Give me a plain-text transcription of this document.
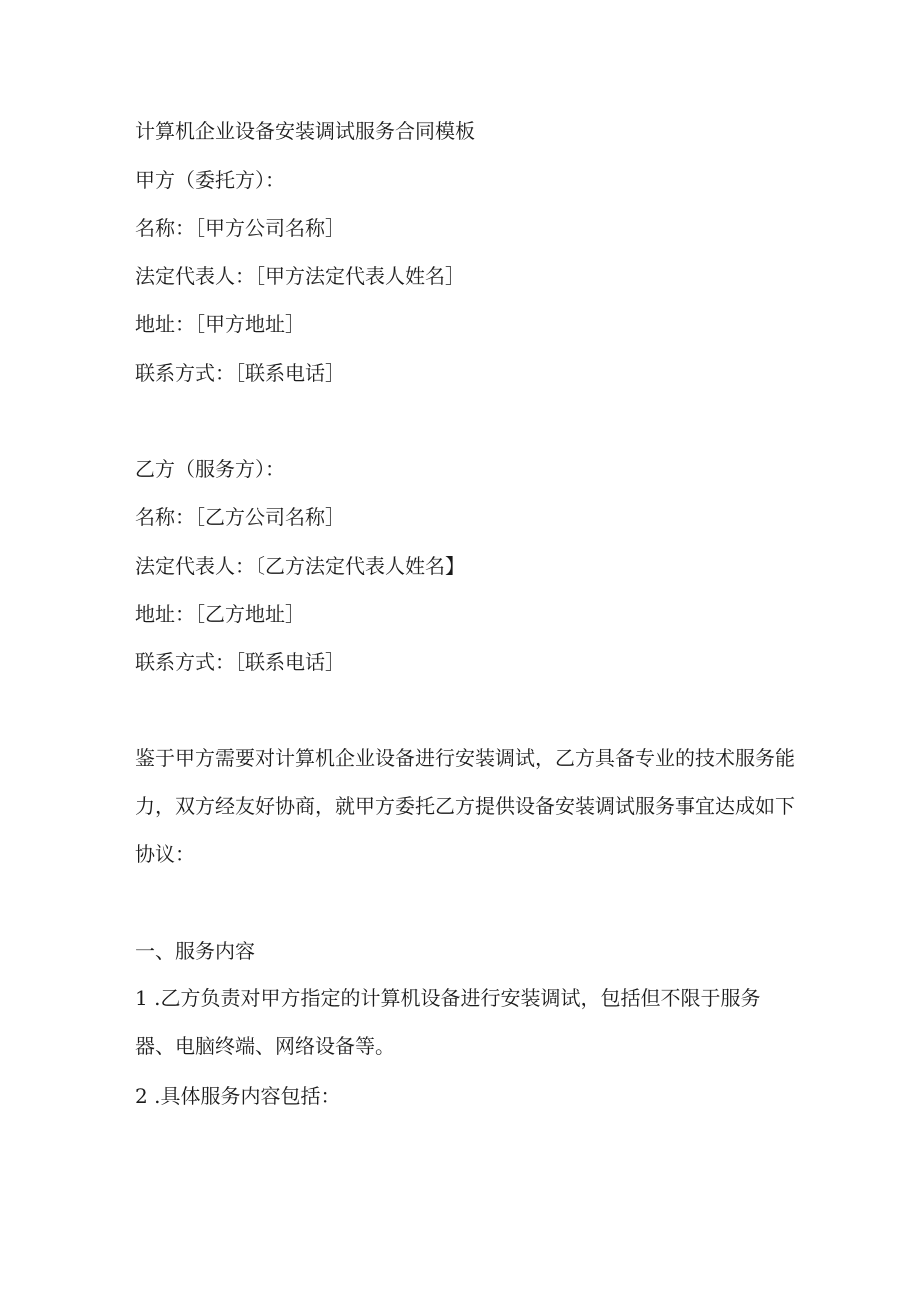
计算机企业设备安装调试服务合同模板
甲方（委托方）：
名称：［甲方公司名称］
法定代表人：［甲方法定代表人姓名］
地址：［甲方地址］
联系方式：［联系电话］
乙方（服务方）：
名称：［乙方公司名称］
法定代表人：〔乙方法定代表人姓名】
地址：［乙方地址］
联系方式：［联系电话］
鉴于甲方需要对计算机企业设备进行安装调试，乙方具备专业的技术服务能力，双方经友好协商，就甲方委托乙方提供设备安装调试服务事宜达成如下协议：
一、服务内容
1 .乙方负责对甲方指定的计算机设备进行安装调试，包括但不限于服务器、电脑终端、网络设备等。
2 .具体服务内容包括：
